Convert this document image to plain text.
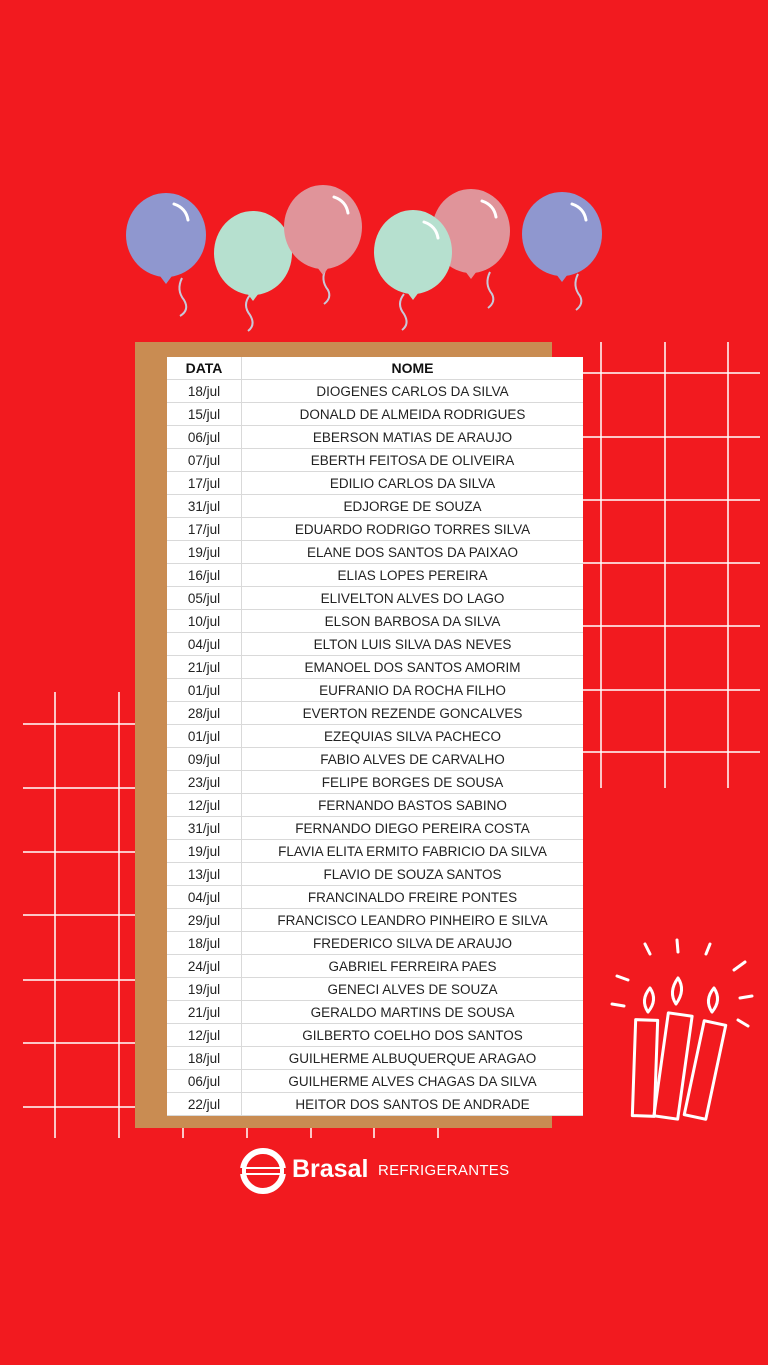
DATA	NOME
18/jul	DIOGENES CARLOS DA SILVA
15/jul	DONALD DE ALMEIDA RODRIGUES
06/jul	EBERSON MATIAS DE ARAUJO
07/jul	EBERTH FEITOSA DE OLIVEIRA
17/jul	EDILIO CARLOS DA SILVA
31/jul	EDJORGE DE SOUZA
17/jul	EDUARDO RODRIGO TORRES SILVA
19/jul	ELANE DOS SANTOS DA PAIXAO
16/jul	ELIAS LOPES PEREIRA
05/jul	ELIVELTON ALVES DO LAGO
10/jul	ELSON BARBOSA DA SILVA
04/jul	ELTON LUIS SILVA DAS NEVES
21/jul	EMANOEL DOS SANTOS AMORIM
01/jul	EUFRANIO DA ROCHA FILHO
28/jul	EVERTON REZENDE GONCALVES
01/jul	EZEQUIAS SILVA PACHECO
09/jul	FABIO ALVES DE CARVALHO
23/jul	FELIPE BORGES DE SOUSA
12/jul	FERNANDO BASTOS SABINO
31/jul	FERNANDO DIEGO PEREIRA COSTA
19/jul	FLAVIA ELITA ERMITO FABRICIO DA SILVA
13/jul	FLAVIO DE SOUZA SANTOS
04/jul	FRANCINALDO FREIRE PONTES
29/jul	FRANCISCO LEANDRO PINHEIRO E SILVA
18/jul	FREDERICO SILVA DE ARAUJO
24/jul	GABRIEL FERREIRA PAES
19/jul	GENECI ALVES DE SOUZA
21/jul	GERALDO MARTINS DE SOUSA
12/jul	GILBERTO COELHO DOS SANTOS
18/jul	GUILHERME ALBUQUERQUE ARAGAO
06/jul	GUILHERME ALVES CHAGAS DA SILVA
22/jul	HEITOR DOS SANTOS DE ANDRADE
Brasal REFRIGERANTES
